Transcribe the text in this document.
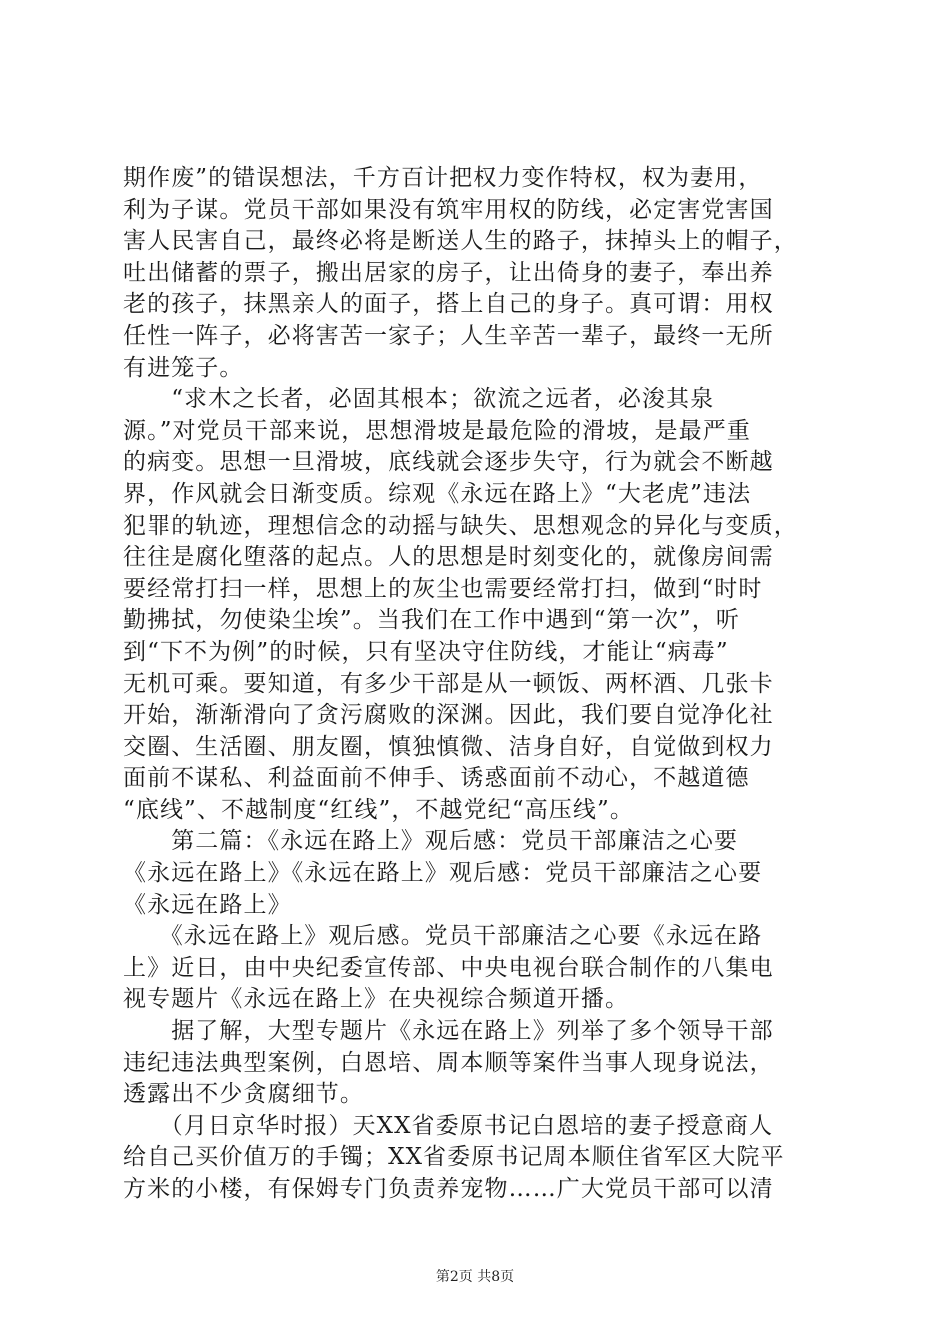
期作废”的错误想法，千方百计把权力变作特权，权为妻用，
利为子谋。党员干部如果没有筑牢用权的防线，必定害党害国
害人民害自己，最终必将是断送人生的路子，抹掉头上的帽子，
吐出储蓄的票子，搬出居家的房子，让出倚身的妻子，奉出养
老的孩子，抹黑亲人的面子，搭上自己的身子。真可谓：用权
任性一阵子，必将害苦一家子；人生辛苦一辈子，最终一无所
有进笼子。
　　“求木之长者，必固其根本；欲流之远者，必浚其泉
源。”对党员干部来说，思想滑坡是最危险的滑坡，是最严重
的病变。思想一旦滑坡，底线就会逐步失守，行为就会不断越
界，作风就会日渐变质。综观《永远在路上》“大老虎”违法
犯罪的轨迹，理想信念的动摇与缺失、思想观念的异化与变质，
往往是腐化堕落的起点。人的思想是时刻变化的，就像房间需
要经常打扫一样，思想上的灰尘也需要经常打扫，做到“时时
勤拂拭，勿使染尘埃”。当我们在工作中遇到“第一次”，听
到“下不为例”的时候，只有坚决守住防线，才能让“病毒”
无机可乘。要知道，有多少干部是从一顿饭、两杯酒、几张卡
开始，渐渐滑向了贪污腐败的深渊。因此，我们要自觉净化社
交圈、生活圈、朋友圈，慎独慎微、洁身自好，自觉做到权力
面前不谋私、利益面前不伸手、诱惑面前不动心，不越道德
“底线”、不越制度“红线”，不越党纪“高压线”。
　　第二篇：《永远在路上》观后感：党员干部廉洁之心要
《永远在路上》《永远在路上》观后感：党员干部廉洁之心要
《永远在路上》
　　《永远在路上》观后感。党员干部廉洁之心要《永远在路
上》近日，由中央纪委宣传部、中央电视台联合制作的八集电
视专题片《永远在路上》在央视综合频道开播。
　　据了解，大型专题片《永远在路上》列举了多个领导干部
违纪违法典型案例，白恩培、周本顺等案件当事人现身说法，
透露出不少贪腐细节。
　　（月日京华时报）天XX省委原书记白恩培的妻子授意商人
给自己买价值万的手镯；XX省委原书记周本顺住省军区大院平
方米的小楼，有保姆专门负责养宠物……广大党员干部可以清
第2页 共8页
